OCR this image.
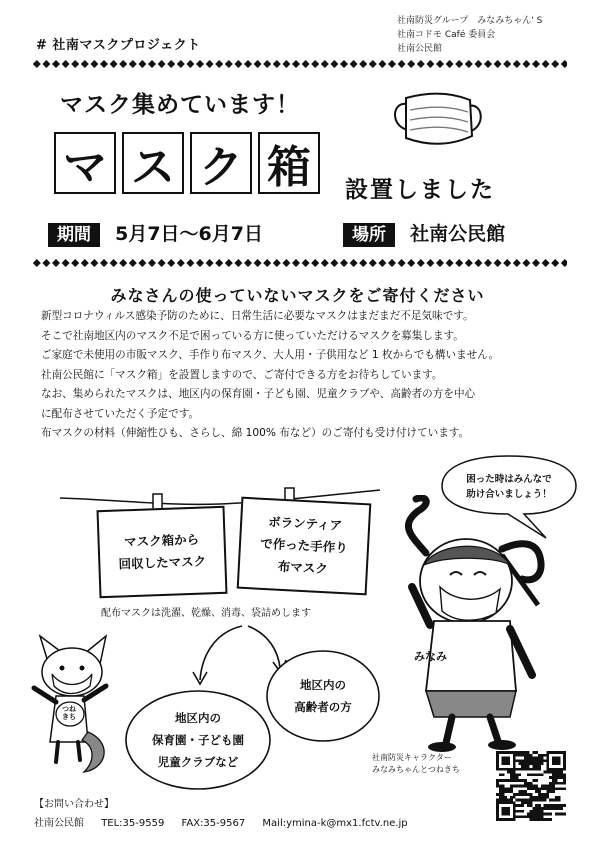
# 社南マスクプロジェクト
社南防災グループ　みなみちゃん' S
社南コドモ Café 委員会
社南公民館
マスク集めています！
マ ス ク 箱	設置しました
期間 5月7日～6月7日	場所 社南公民館
みなさんの使っていないマスクをご寄付ください

新型コロナウィルス感染予防のために、日常生活に必要なマスクはまだまだ不足気味です。

そこで社南地区内のマスク不足で困っている方に使っていただけるマスクを募集します。

ご家庭で未使用の市販マスク、手作り布マスク、大人用・子供用など 1 枚からでも構いません。

社南公民館に「マスク箱」を設置しますので、ご寄付できる方をお待ちしています。

なお、集められたマスクは、地区内の保育園・子ども園、児童クラブや、高齢者の方を中心

に配布させていただく予定です。

布マスクの材料（伸縮性ひも、さらし、綿 100% 布など）のご寄付も受け付けています。

マスク箱から
回収したマスク
ボランティア
で作った手作り
布マスク
配布マスクは洗濯、乾燥、消毒、袋詰めします
地区内の
保育園・子ども園
児童クラブなど
地区内の
高齢者の方
つね
きち
困った時はみんなで
助け合いましょう！
みなみ
社南防災キャラクター
みなみちゃんとつねきち
【お問い合わせ】
社南公民館 TEL:35-9559 FAX:35-9567 Mail:ymina-k@mx1.fctv.ne.jp
